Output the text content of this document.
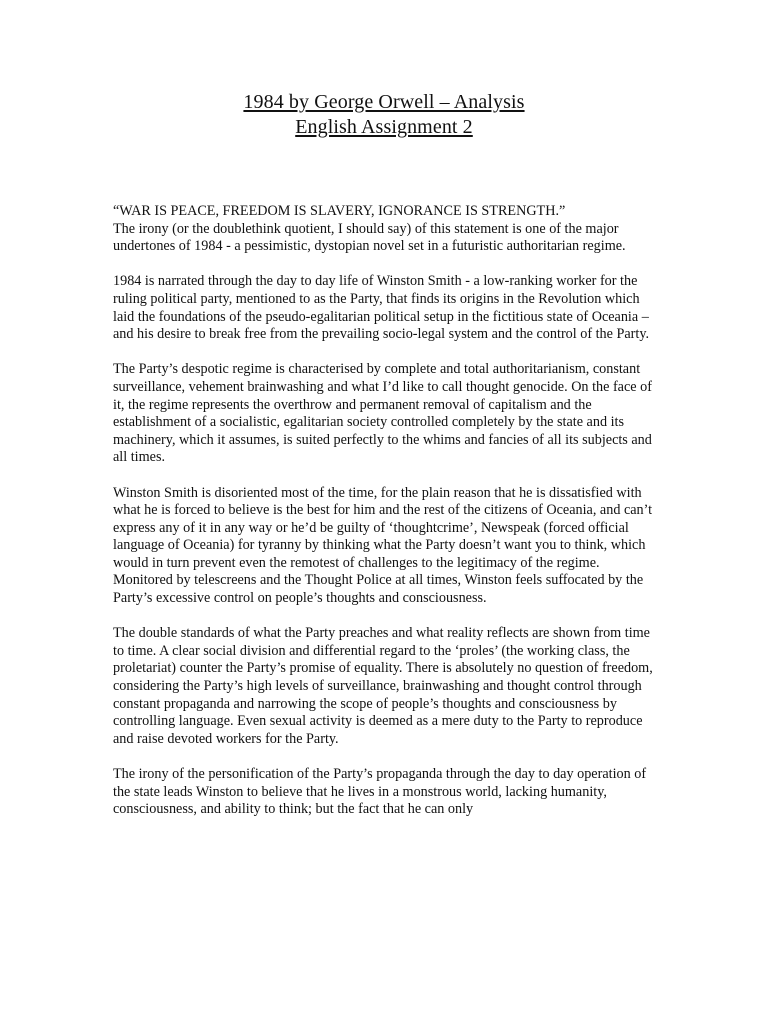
1984 by George Orwell – Analysis
English Assignment 2

“WAR IS PEACE, FREEDOM IS SLAVERY, IGNORANCE IS STRENGTH.”

The irony (or the doublethink quotient, I should say) of this statement is one of the major undertones of 1984 - a pessimistic, dystopian novel set in a futuristic authoritarian regime.

1984 is narrated through the day to day life of Winston Smith - a low-ranking worker for the ruling political party, mentioned to as the Party, that finds its origins in the Revolution which laid the foundations of the pseudo-egalitarian political setup in the fictitious state of Oceania – and his desire to break free from the prevailing socio-legal system and the control of the Party.

The Party’s despotic regime is characterised by complete and total authoritarianism, constant surveillance, vehement brainwashing and what I’d like to call thought genocide. On the face of it, the regime represents the overthrow and permanent removal of capitalism and the establishment of a socialistic, egalitarian society controlled completely by the state and its machinery, which it assumes, is suited perfectly to the whims and fancies of all its subjects and all times.

Winston Smith is disoriented most of the time, for the plain reason that he is dissatisfied with what he is forced to believe is the best for him and the rest of the citizens of Oceania, and can’t express any of it in any way or he’d be guilty of ‘thoughtcrime’, Newspeak (forced official language of Oceania) for tyranny by thinking what the Party doesn’t want you to think, which would in turn prevent even the remotest of challenges to the legitimacy of the regime. Monitored by telescreens and the Thought Police at all times, Winston feels suffocated by the Party’s excessive control on people’s thoughts and consciousness.

The double standards of what the Party preaches and what reality reflects are shown from time to time. A clear social division and differential regard to the ‘proles’ (the working class, the proletariat) counter the Party’s promise of equality. There is absolutely no question of freedom, considering the Party’s high levels of surveillance, brainwashing and thought control through constant propaganda and narrowing the scope of people’s thoughts and consciousness by controlling language. Even sexual activity is deemed as a mere duty to the Party to reproduce and raise devoted workers for the Party.

The irony of the personification of the Party’s propaganda through the day to day operation of the state leads Winston to believe that he lives in a monstrous world, lacking humanity, consciousness, and ability to think; but the fact that he can only
